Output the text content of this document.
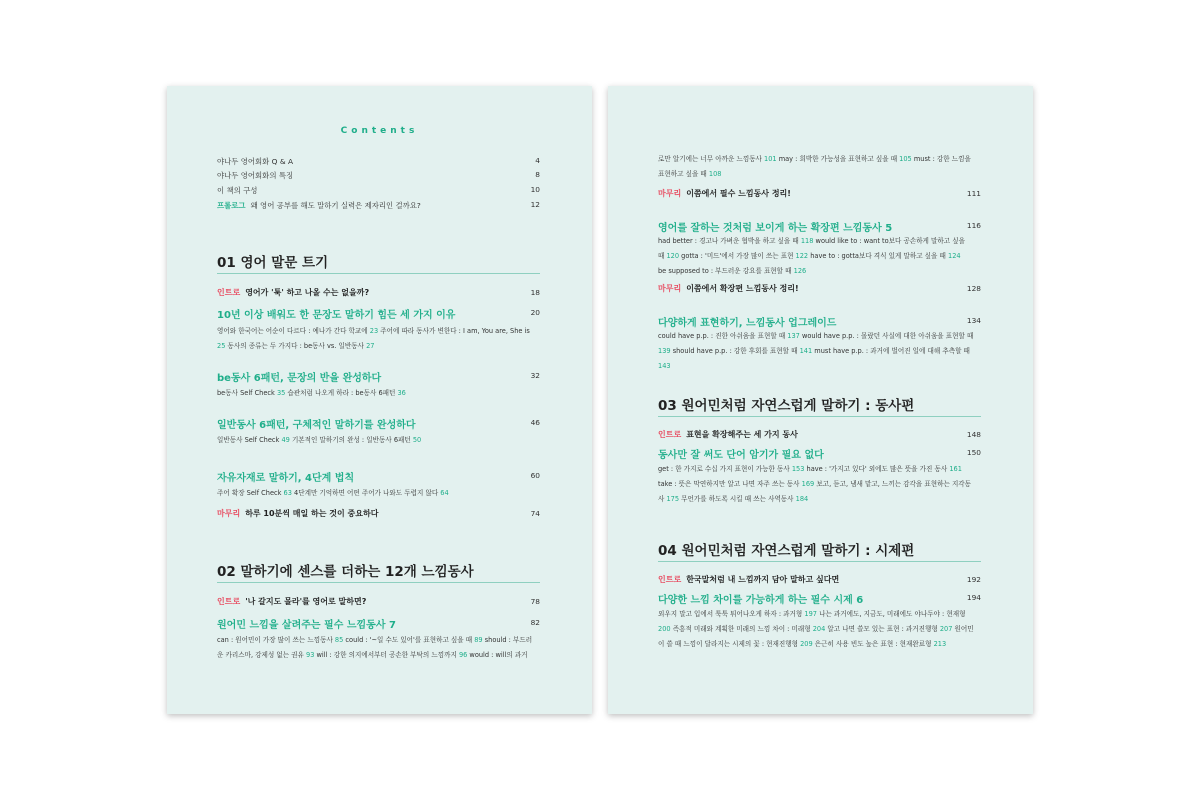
Contents
야나두 영어회화 Q & A	4
야나두 영어회화의 특징	8
이 책의 구성	10
프롤로그 왜 영어 공부를 해도 말하기 실력은 제자리인 걸까요?	12
01 영어 말문 트기
인트로 영어가 '툭' 하고 나올 수는 없을까?	18
10년 이상 배워도 한 문장도 말하기 힘든 세 가지 이유	20
영어와 한국어는 어순이 다르다 : 예나가 간다 학교에 23 주어에 따라 동사가 변한다 : I am, You are, She is
25 동사의 종류는 두 가지다 : be동사 vs. 일반동사 27
be동사 6패턴, 문장의 반을 완성하다	32
be동사 Self Check 35 습관처럼 나오게 하라 : be동사 6패턴 36
일반동사 6패턴, 구체적인 말하기를 완성하다	46
일반동사 Self Check 49 기본적인 말하기의 완성 : 일반동사 6패턴 50
자유자재로 말하기, 4단계 법칙	60
주어 확장 Self Check 63 4단계만 기억하면 어떤 주어가 나와도 두렵지 않다 64
마무리 하루 10분씩 매일 하는 것이 중요하다	74
02 말하기에 센스를 더하는 12개 느낌동사
인트로 '나 갈지도 몰라'를 영어로 말하면?	78
원어민 느낌을 살려주는 필수 느낌동사 7	82
can : 원어민이 가장 많이 쓰는 느낌동사 85 could : '~일 수도 있어'를 표현하고 싶을 때 89 should : 부드러
운 카리스마, 강제성 없는 권유 93 will : 강한 의지에서부터 공손한 부탁의 느낌까지 96 would : will의 과거
로만 알기에는 너무 아까운 느낌동사 101 may : 희박한 가능성을 표현하고 싶을 때 105 must : 강한 느낌을
표현하고 싶을 때 108
마무리 이쯤에서 필수 느낌동사 정리!	111
영어를 잘하는 것처럼 보이게 하는 확장편 느낌동사 5	116
had better : 경고나 가벼운 협박을 하고 싶을 때 118 would like to : want to보다 공손하게 말하고 싶을
때 120 gotta : '미드'에서 가장 많이 쓰는 표현 122 have to : gotta보다 격식 있게 말하고 싶을 때 124
be supposed to : 부드러운 강요를 표현할 때 126
마무리 이쯤에서 확장편 느낌동사 정리!	128
다양하게 표현하기, 느낌동사 업그레이드	134
could have p.p. : 진한 아쉬움을 표현할 때 137 would have p.p. : 몰랐던 사실에 대한 아쉬움을 표현할 때
139 should have p.p. : 강한 후회를 표현할 때 141 must have p.p. : 과거에 벌어진 일에 대해 추측할 때 143
03 원어민처럼 자연스럽게 말하기 : 동사편
인트로 표현을 확장해주는 세 가지 동사	148
동사만 잘 써도 단어 암기가 필요 없다	150
get : 한 가지로 수십 가지 표현이 가능한 동사 153 have : '가지고 있다' 외에도 많은 뜻을 가진 동사 161
take : 뜻은 막연하지만 알고 나면 자주 쓰는 동사 169 보고, 듣고, 냄새 맡고, 느끼는 감각을 표현하는 지각동
사 175 무언가를 하도록 시킬 때 쓰는 사역동사 184
04 원어민처럼 자연스럽게 말하기 : 시제편
인트로 한국말처럼 내 느낌까지 담아 말하고 싶다면	192
다양한 느낌 차이를 가능하게 하는 필수 시제 6	194
외우지 말고 입에서 툭툭 튀어나오게 하자 : 과거형 197 나는 과거에도, 지금도, 미래에도 야나두야 : 현재형
200 즉흥적 미래와 계획한 미래의 느낌 차이 : 미래형 204 알고 나면 쓸모 있는 표현 : 과거진행형 207 원어민
이 쓸 때 느낌이 달라지는 시제의 꽃 : 현재진행형 209 은근히 사용 빈도 높은 표현 : 현재완료형 213
